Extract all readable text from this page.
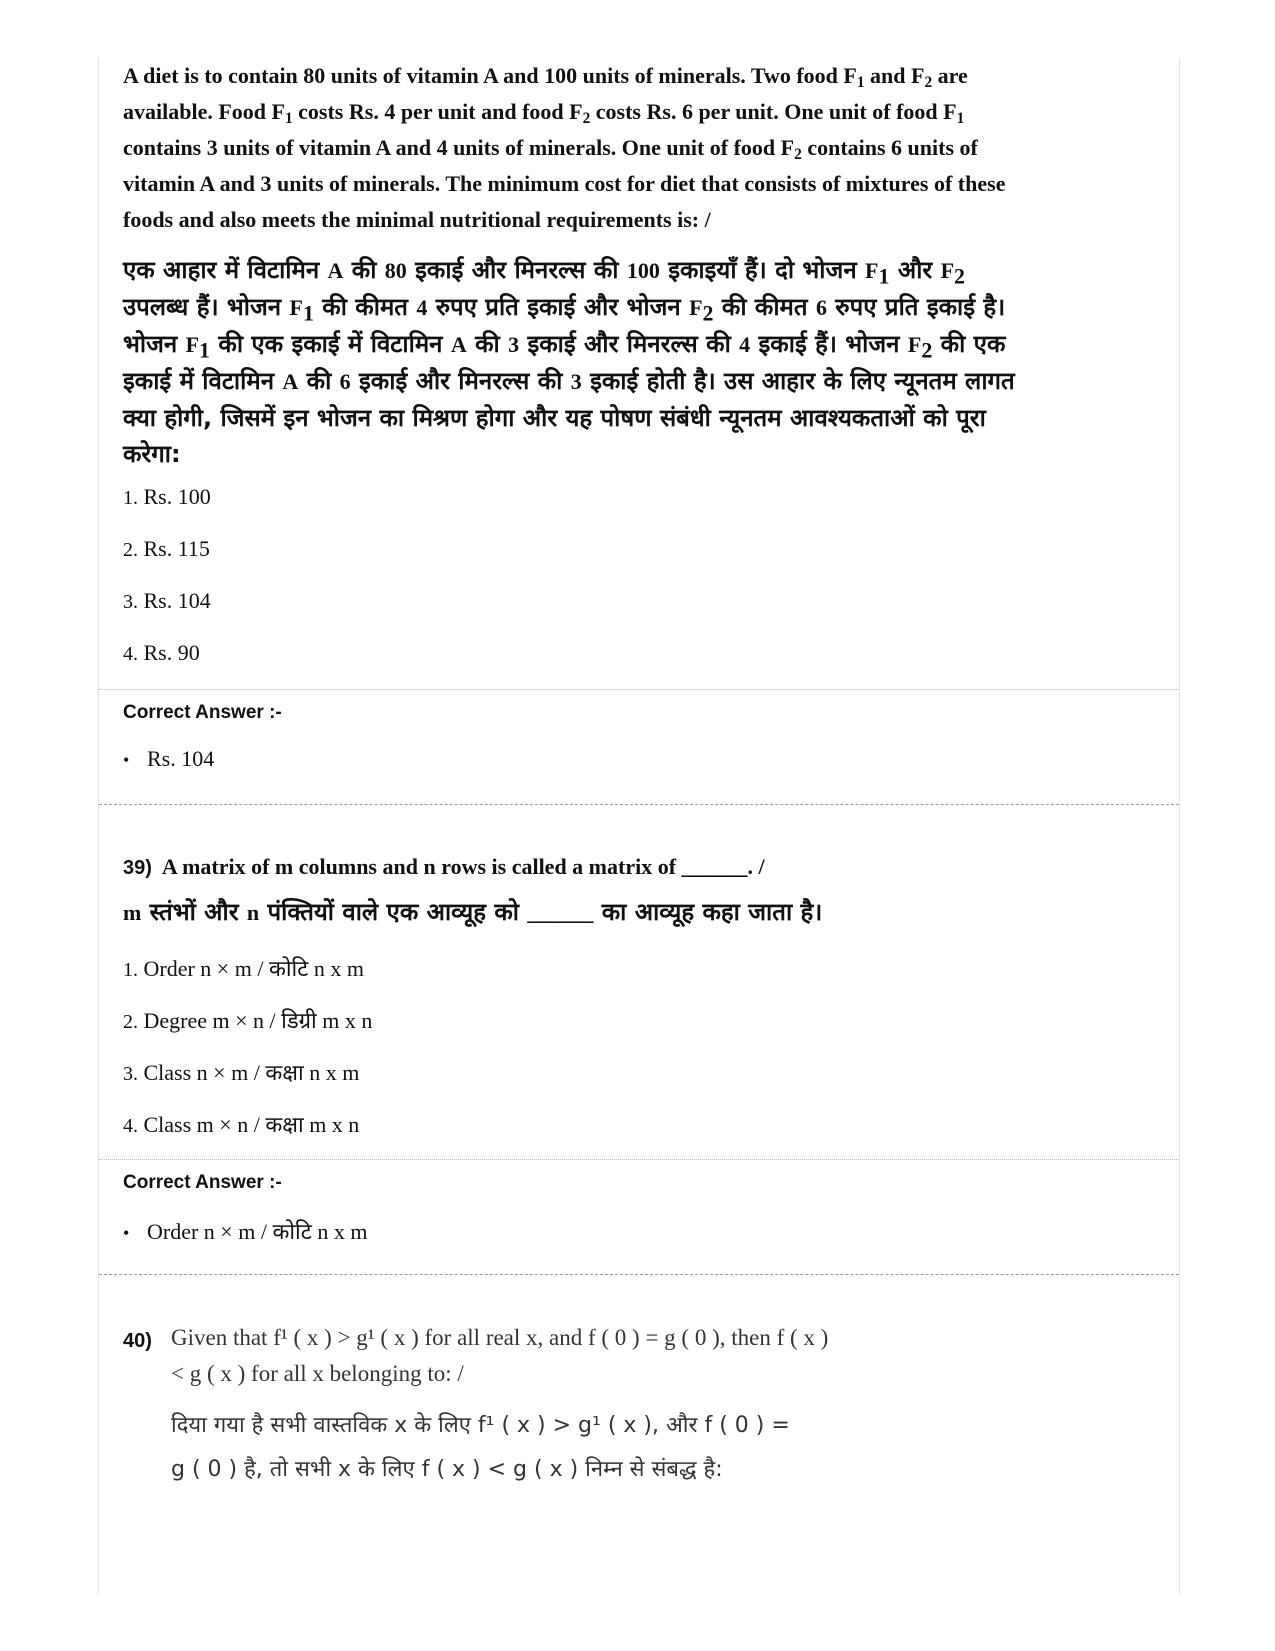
A diet is to contain 80 units of vitamin A and 100 units of minerals. Two food $F_1$ and $F_2$ are

available. Food $F_1$ costs Rs. 4 per unit and food $F_2$ costs Rs. 6 per unit. One unit of food $F_1$

contains 3 units of vitamin A and 4 units of minerals. One unit of food $F_2$ contains 6 units of

vitamin A and 3 units of minerals. The minimum cost for diet that consists of mixtures of these

foods and also meets the minimal nutritional requirements is: /

एक आहार में विटामिन A की 80 इकाई और मिनरल्स की 100 इकाइयाँ हैं। दो भोजन $F_1$ और $F_2$

उपलब्ध हैं। भोजन $F_1$ की कीमत 4 रुपए प्रति इकाई और भोजन $F_2$ की कीमत 6 रुपए प्रति इकाई है।

भोजन $F_1$ की एक इकाई में विटामिन A की 3 इकाई और मिनरल्स की 4 इकाई हैं। भोजन $F_2$ की एक

इकाई में विटामिन A की 6 इकाई और मिनरल्स की 3 इकाई होती है। उस आहार के लिए न्यूनतम लागत

क्या होगी, जिसमें इन भोजन का मिश्रण होगा और यह पोषण संबंधी न्यूनतम आवश्यकताओं को पूरा

करेगा:

1. Rs. 100
2. Rs. 115
3. Rs. 104
4. Rs. 90
Correct Answer :-
• Rs. 104
39) A matrix of m columns and n rows is called a matrix of ______. /

m स्तंभों और n पंक्तियों वाले एक आव्यूह को ______ का आव्यूह कहा जाता है।

1. Order n × m / कोटि n x m
2. Degree m × n / डिग्री m x n
3. Class n × m / कक्षा n x m
4. Class m × n / कक्षा m x n
Correct Answer :-
• Order n × m / कोटि n x m
40) Given that f¹ ( x ) > g¹ ( x ) for all real x, and f ( 0 ) = g ( 0 ), then f ( x )
< g ( x ) for all x belonging to: /
दिया गया है सभी वास्तविक x के लिए f¹ ( x ) > g¹ ( x ), और f ( 0 ) =
g ( 0 ) है, तो सभी x के लिए f ( x ) < g ( x ) निम्न से संबद्ध है:
